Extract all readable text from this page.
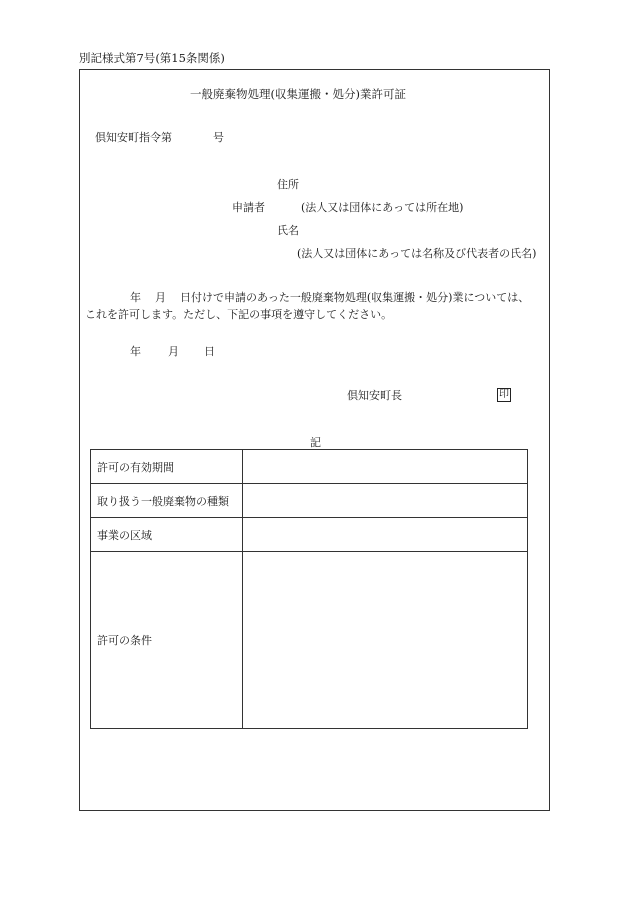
別記様式第7号(第15条関係)
一般廃棄物処理(収集運搬・処分)業許可証
倶知安町指令第	号
住所
申請者	(法人又は団体にあっては所在地)
氏名
(法人又は団体にあっては名称及び代表者の氏名)
年 月 日付けで申請のあった一般廃棄物処理(収集運搬・処分)業については、
これを許可します。ただし、下記の事項を遵守してください。
年 月 日
倶知安町長	印
記
許可の有効期間	
取り扱う一般廃棄物の種類	
事業の区域	
許可の条件	
